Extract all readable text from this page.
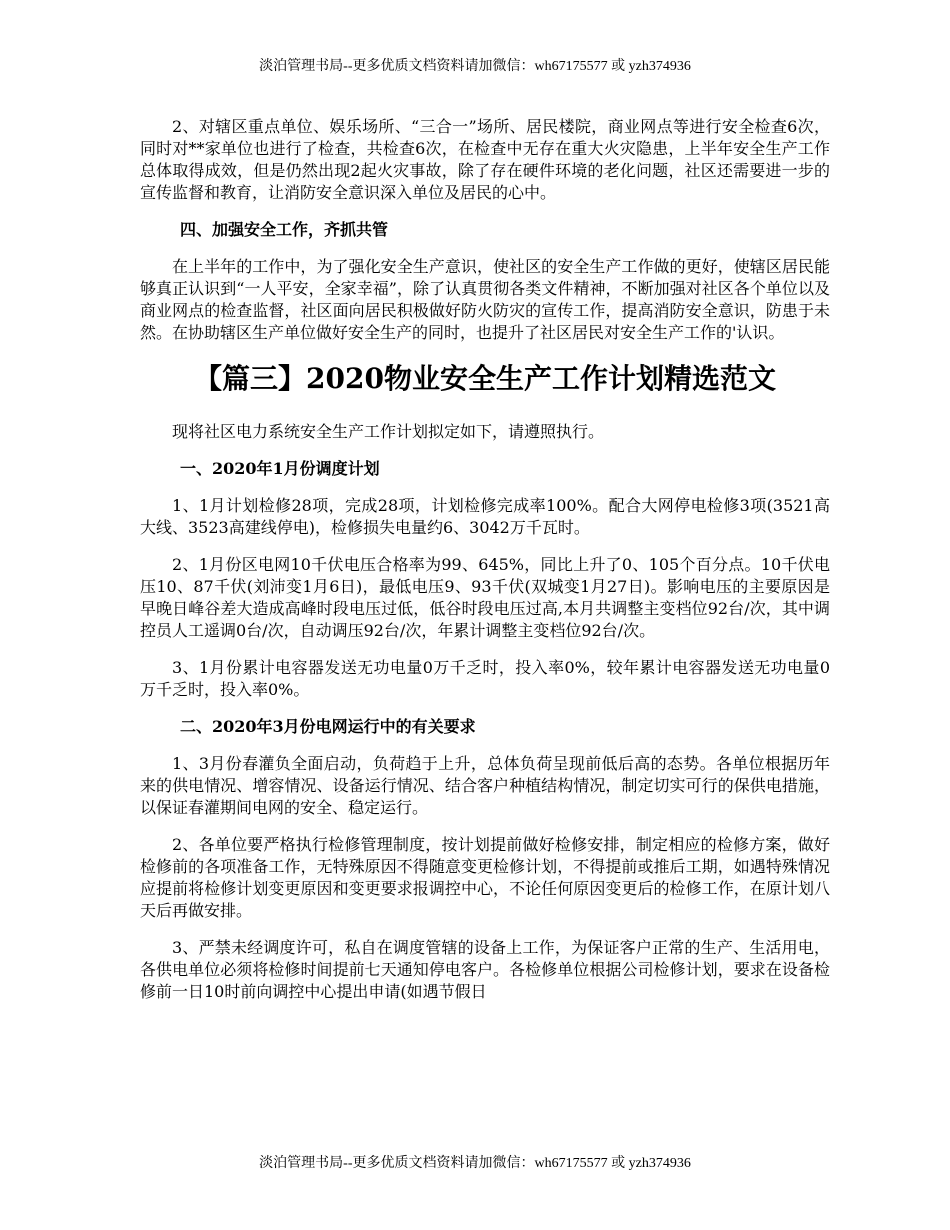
淡泊管理书局--更多优质文档资料请加微信：wh67175577 或 yzh374936

2、对辖区重点单位、娱乐场所、“三合一”场所、居民楼院，商业网点等进行安全检查6次，同时对**家单位也进行了检查，共检查6次，在检查中无存在重大火灾隐患，上半年安全生产工作总体取得成效，但是仍然出现2起火灾事故，除了存在硬件环境的老化问题，社区还需要进一步的宣传监督和教育，让消防安全意识深入单位及居民的心中。

四、加强安全工作，齐抓共管

在上半年的工作中，为了强化安全生产意识，使社区的安全生产工作做的更好，使辖区居民能够真正认识到“一人平安，全家幸福”，除了认真贯彻各类文件精神，不断加强对社区各个单位以及商业网点的检查监督，社区面向居民积极做好防火防灾的宣传工作，提高消防安全意识，防患于未然。在协助辖区生产单位做好安全生产的同时，也提升了社区居民对安全生产工作的'认识。

【篇三】2020物业安全生产工作计划精选范文

现将社区电力系统安全生产工作计划拟定如下，请遵照执行。

一、2020年1月份调度计划

1、1月计划检修28项，完成28项，计划检修完成率100%。配合大网停电检修3项(3521高大线、3523高建线停电)，检修损失电量约6、3042万千瓦时。

2、1月份区电网10千伏电压合格率为99、645%，同比上升了0、105个百分点。10千伏电压10、87千伏(刘沛变1月6日)，最低电压9、93千伏(双城变1月27日)。影响电压的主要原因是早晚日峰谷差大造成高峰时段电压过低，低谷时段电压过高,本月共调整主变档位92台/次，其中调控员人工遥调0台/次，自动调压92台/次，年累计调整主变档位92台/次。

3、1月份累计电容器发送无功电量0万千乏时，投入率0%，较年累计电容器发送无功电量0万千乏时，投入率0%。

二、2020年3月份电网运行中的有关要求

1、3月份春灌负全面启动，负荷趋于上升，总体负荷呈现前低后高的态势。各单位根据历年来的供电情况、增容情况、设备运行情况、结合客户种植结构情况，制定切实可行的保供电措施，以保证春灌期间电网的安全、稳定运行。

2、各单位要严格执行检修管理制度，按计划提前做好检修安排，制定相应的检修方案，做好检修前的各项准备工作，无特殊原因不得随意变更检修计划，不得提前或推后工期，如遇特殊情况应提前将检修计划变更原因和变更要求报调控中心，不论任何原因变更后的检修工作，在原计划八天后再做安排。

3、严禁未经调度许可，私自在调度管辖的设备上工作，为保证客户正常的生产、生活用电，各供电单位必须将检修时间提前七天通知停电客户。各检修单位根据公司检修计划，要求在设备检修前一日10时前向调控中心提出申请(如遇节假日

淡泊管理书局--更多优质文档资料请加微信：wh67175577 或 yzh374936
